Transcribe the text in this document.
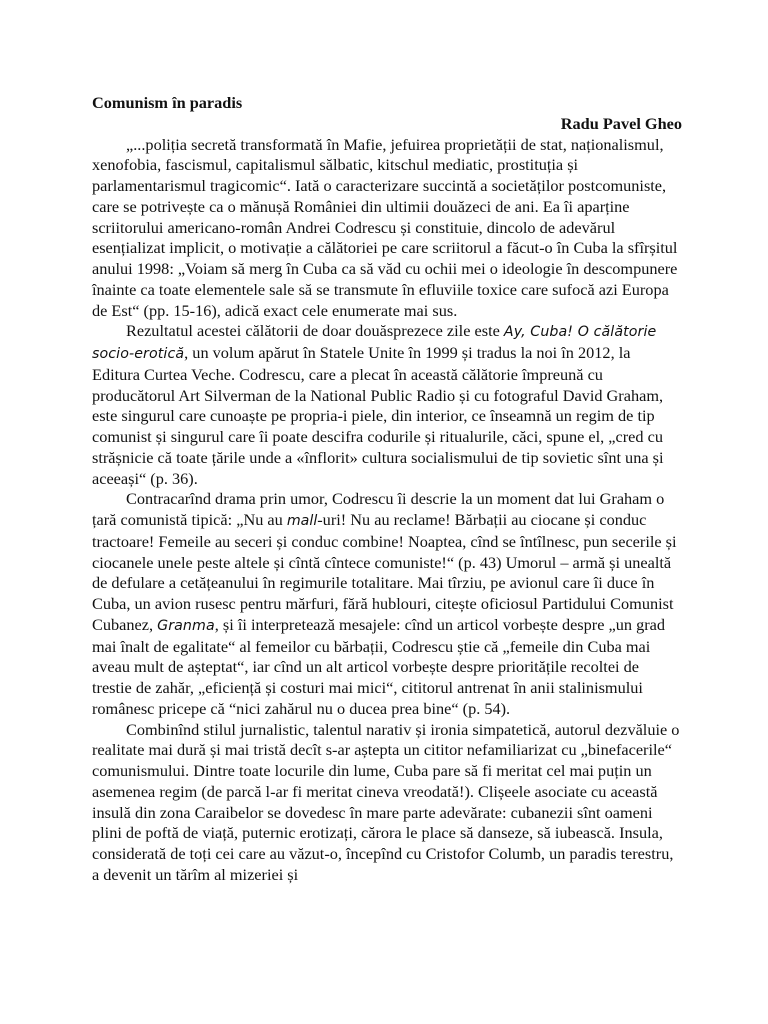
Comunism în paradis

Radu Pavel Gheo

„...poliția secretă transformată în Mafie, jefuirea proprietății de stat, naționalismul, xenofobia, fascismul, capitalismul sălbatic, kitschul mediatic, prostituția și parlamentarismul tragicomic“. Iată o caracterizare succintă a societăților postcomuniste, care se potrivește ca o mănușă României din ultimii douăzeci de ani. Ea îi aparține scriitorului americano-român Andrei Codrescu și constituie, dincolo de adevărul esențializat implicit, o motivație a călătoriei pe care scriitorul a făcut-o în Cuba la sfîrșitul anului 1998: „Voiam să merg în Cuba ca să văd cu ochii mei o ideologie în descompunere înainte ca toate elementele sale să se transmute în efluviile toxice care sufocă azi Europa de Est“ (pp. 15-16), adică exact cele enumerate mai sus.

Rezultatul acestei călătorii de doar douăsprezece zile este Ay, Cuba! O călătorie socio-erotică, un volum apărut în Statele Unite în 1999 și tradus la noi în 2012, la Editura Curtea Veche. Codrescu, care a plecat în această călătorie împreună cu producătorul Art Silverman de la National Public Radio și cu fotograful David Graham, este singurul care cunoaște pe propria-i piele, din interior, ce înseamnă un regim de tip comunist și singurul care îi poate descifra codurile și ritualurile, căci, spune el, „cred cu strășnicie că toate țările unde a «înflorit» cultura socialismului de tip sovietic sînt una și aceeași“ (p. 36).

Contracarînd drama prin umor, Codrescu îi descrie la un moment dat lui Graham o țară comunistă tipică: „Nu au mall-uri! Nu au reclame! Bărbații au ciocane și conduc tractoare! Femeile au seceri și conduc combine! Noaptea, cînd se întîlnesc, pun secerile și ciocanele unele peste altele și cîntă cîntece comuniste!“ (p. 43) Umorul – armă și unealtă de defulare a cetățeanului în regimurile totalitare. Mai tîrziu, pe avionul care îi duce în Cuba, un avion rusesc pentru mărfuri, fără hublouri, citește oficiosul Partidului Comunist Cubanez, Granma, și îi interpretează mesajele: cînd un articol vorbește despre „un grad mai înalt de egalitate“ al femeilor cu bărbații, Codrescu știe că „femeile din Cuba mai aveau mult de așteptat“, iar cînd un alt articol vorbește despre prioritățile recoltei de trestie de zahăr, „eficiență și costuri mai mici“, cititorul antrenat în anii stalinismului românesc pricepe că “nici zahărul nu o ducea prea bine“ (p. 54).

Combinînd stilul jurnalistic, talentul narativ și ironia simpatetică, autorul dezvăluie o realitate mai dură și mai tristă decît s-ar aștepta un cititor nefamiliarizat cu „binefacerile“ comunismului. Dintre toate locurile din lume, Cuba pare să fi meritat cel mai puțin un asemenea regim (de parcă l-ar fi meritat cineva vreodată!). Clișeele asociate cu această insulă din zona Caraibelor se dovedesc în mare parte adevărate: cubanezii sînt oameni plini de poftă de viață, puternic erotizați, cărora le place să danseze, să iubească. Insula, considerată de toți cei care au văzut-o, începînd cu Cristofor Columb, un paradis terestru, a devenit un tărîm al mizeriei și
